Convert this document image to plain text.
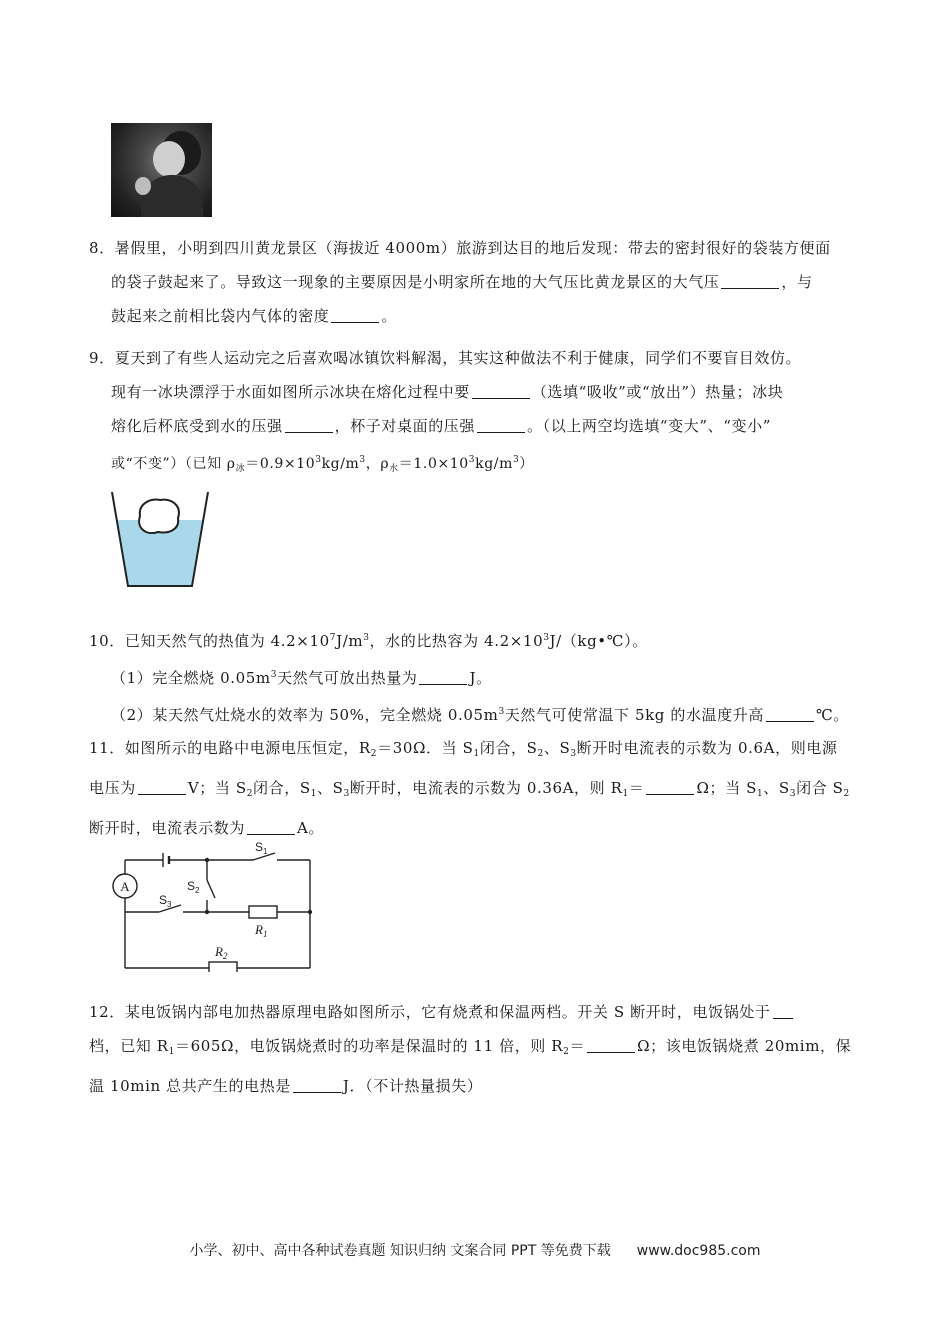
8．暑假里，小明到四川黄龙景区（海拔近 4000m）旅游到达目的地后发现：带去的密封很好的袋装方便面
的袋子鼓起来了。导致这一现象的主要原因是小明家所在地的大气压比黄龙景区的大气压	，与
鼓起来之前相比袋内气体的密度	。
9．夏天到了有些人运动完之后喜欢喝冰镇饮料解渴，其实这种做法不利于健康，同学们不要盲目效仿。
现有一冰块漂浮于水面如图所示冰块在熔化过程中要	（选填“吸收”或“放出”）热量；冰块
熔化后杯底受到水的压强	，杯子对桌面的压强	。（以上两空均选填“变大”、“变小”
或“不变”）（已知 $\rho_冰=0.9\times 10^3kg/m^3$，$\rho_水=1.0\times 10^3kg/m^3$）
10．已知天然气的热值为 $4.2\times 10^7J/m^3$，水的比热容为 $4.2\times 10^3J/(kg•℃)$。
（1）完全燃烧 $0.05m^3$天然气可放出热量为	J。
（2）某天然气灶烧水的效率为 50%，完全燃烧 $0.05m^3$天然气可使常温下 5kg 的水温度升高	℃。
11．如图所示的电路中电源电压恒定，$R_2=30\Omega$．当 $S_1$闭合，$S_2$、$S_3$断开时电流表的示数为 0.6A，则电源
电压为	V；当 $S_2$闭合，$S_1$、$S_3$断开时，电流表的示数为 0.36A，则 $R_1=$	Ω；当 $S_1$、$S_3$闭合 $S_2$
断开时，电流表示数为	A。
A
$S_1$
$S_2$
$S_3$
$R_1$
$R_2$
12．某电饭锅内部电加热器原理电路如图所示，它有烧煮和保温两档。开关 S 断开时，电饭锅处于
档，已知 $R_1=605\Omega$，电饭锅烧煮时的功率是保温时的 11 倍，则 $R_2=$	Ω；该电饭锅烧煮 20mim，保
温 10min 总共产生的电热是	J．（不计热量损失）
小学、初中、高中各种试卷真题 知识归纳 文案合同 PPT 等免费下载 www.doc985.com
